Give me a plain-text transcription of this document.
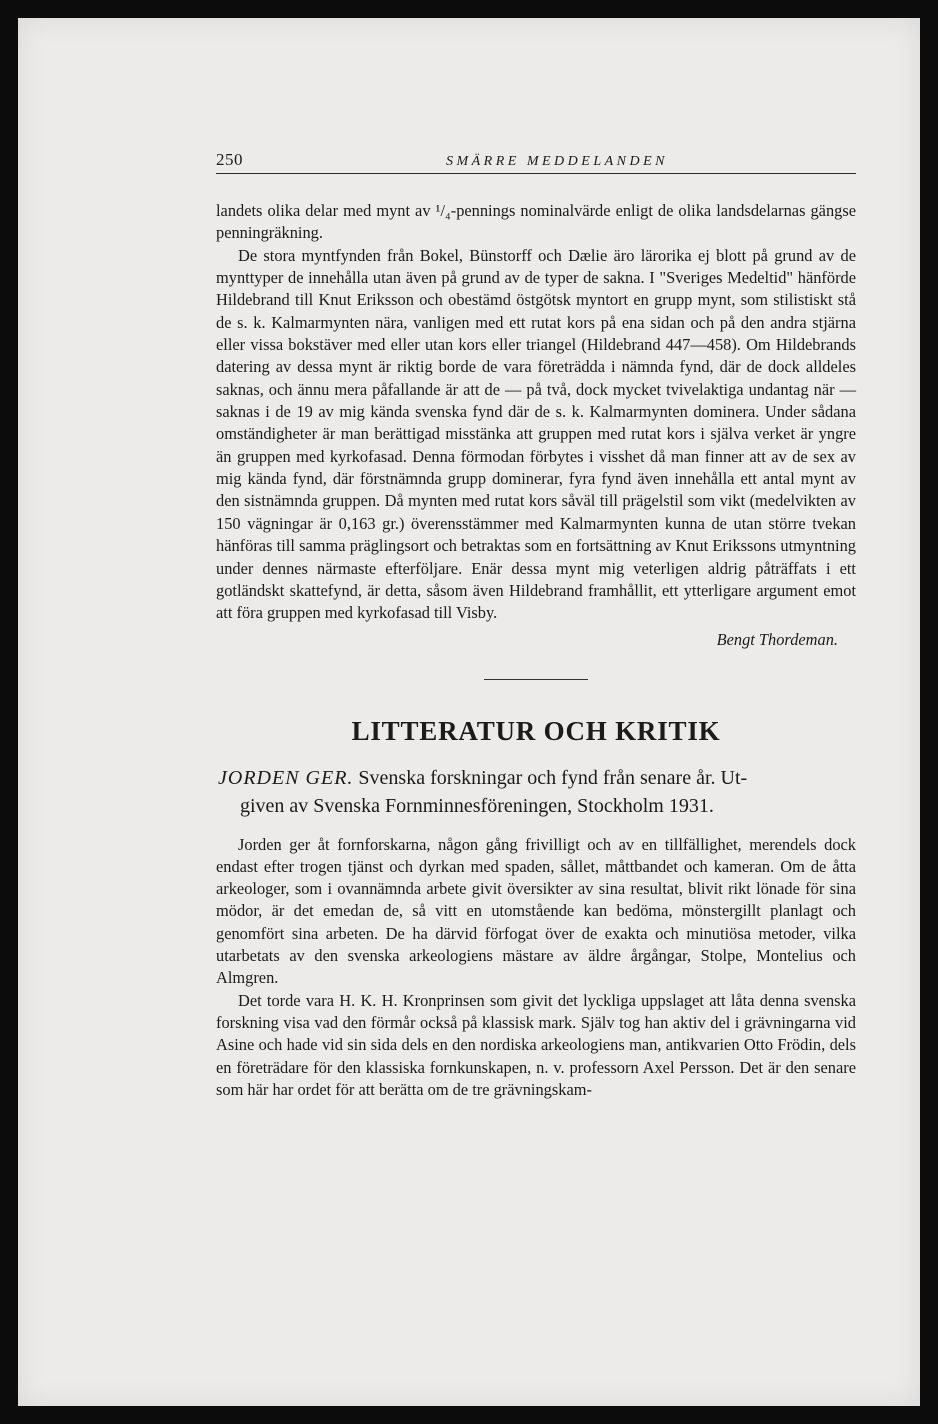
250	SMÄRRE MEDDELANDEN

landets olika delar med mynt av ¹/₄-pennings nominalvärde enligt de olika landsdelarnas gängse penningräkning.

De stora myntfynden från Bokel, Bünstorff och Dælie äro lärorika ej blott på grund av de mynttyper de innehålla utan även på grund av de typer de sakna. I "Sveriges Medeltid" hänförde Hildebrand till Knut Eriksson och obestämd östgötsk myntort en grupp mynt, som stilistiskt stå de s. k. Kalmarmynten nära, vanligen med ett rutat kors på ena sidan och på den andra stjärna eller vissa bokstäver med eller utan kors eller triangel (Hildebrand 447—458). Om Hildebrands datering av dessa mynt är riktig borde de vara företrädda i nämnda fynd, där de dock alldeles saknas, och ännu mera påfallande är att de — på två, dock mycket tvivelaktiga undantag när — saknas i de 19 av mig kända svenska fynd där de s. k. Kalmarmynten dominera. Under sådana omständigheter är man berättigad misstänka att gruppen med rutat kors i själva verket är yngre än gruppen med kyrkofasad. Denna förmodan förbytes i visshet då man finner att av de sex av mig kända fynd, där förstnämnda grupp dominerar, fyra fynd även innehålla ett antal mynt av den sistnämnda gruppen. Då mynten med rutat kors såväl till prägelstil som vikt (medelvikten av 150 vägningar är 0,163 gr.) överensstämmer med Kalmarmynten kunna de utan större tvekan hänföras till samma präglingsort och betraktas som en fortsättning av Knut Erikssons utmyntning under dennes närmaste efterföljare. Enär dessa mynt mig veterligen aldrig påträffats i ett gotländskt skattefynd, är detta, såsom även Hildebrand framhållit, ett ytterligare argument emot att föra gruppen med kyrkofasad till Visby.

Bengt Thordeman.
LITTERATUR OCH KRITIK
JORDEN GER. Svenska forskningar och fynd från senare år. Ut-
given av Svenska Fornminnesföreningen, Stockholm 1931.

Jorden ger åt fornforskarna, någon gång frivilligt och av en tillfällighet, merendels dock endast efter trogen tjänst och dyrkan med spaden, sållet, måttbandet och kameran. Om de åtta arkeologer, som i ovannämnda arbete givit översikter av sina resultat, blivit rikt lönade för sina mödor, är det emedan de, så vitt en utomstående kan bedöma, mönstergillt planlagt och genomfört sina arbeten. De ha därvid förfogat över de exakta och minutiösa metoder, vilka utarbetats av den svenska arkeologiens mästare av äldre årgångar, Stolpe, Montelius och Almgren.

Det torde vara H. K. H. Kronprinsen som givit det lyckliga uppslaget att låta denna svenska forskning visa vad den förmår också på klassisk mark. Själv tog han aktiv del i grävningarna vid Asine och hade vid sin sida dels en den nordiska arkeologiens man, antikvarien Otto Frödin, dels en företrädare för den klassiska fornkunskapen, n. v. professorn Axel Persson. Det är den senare som här har ordet för att berätta om de tre grävningskam-
